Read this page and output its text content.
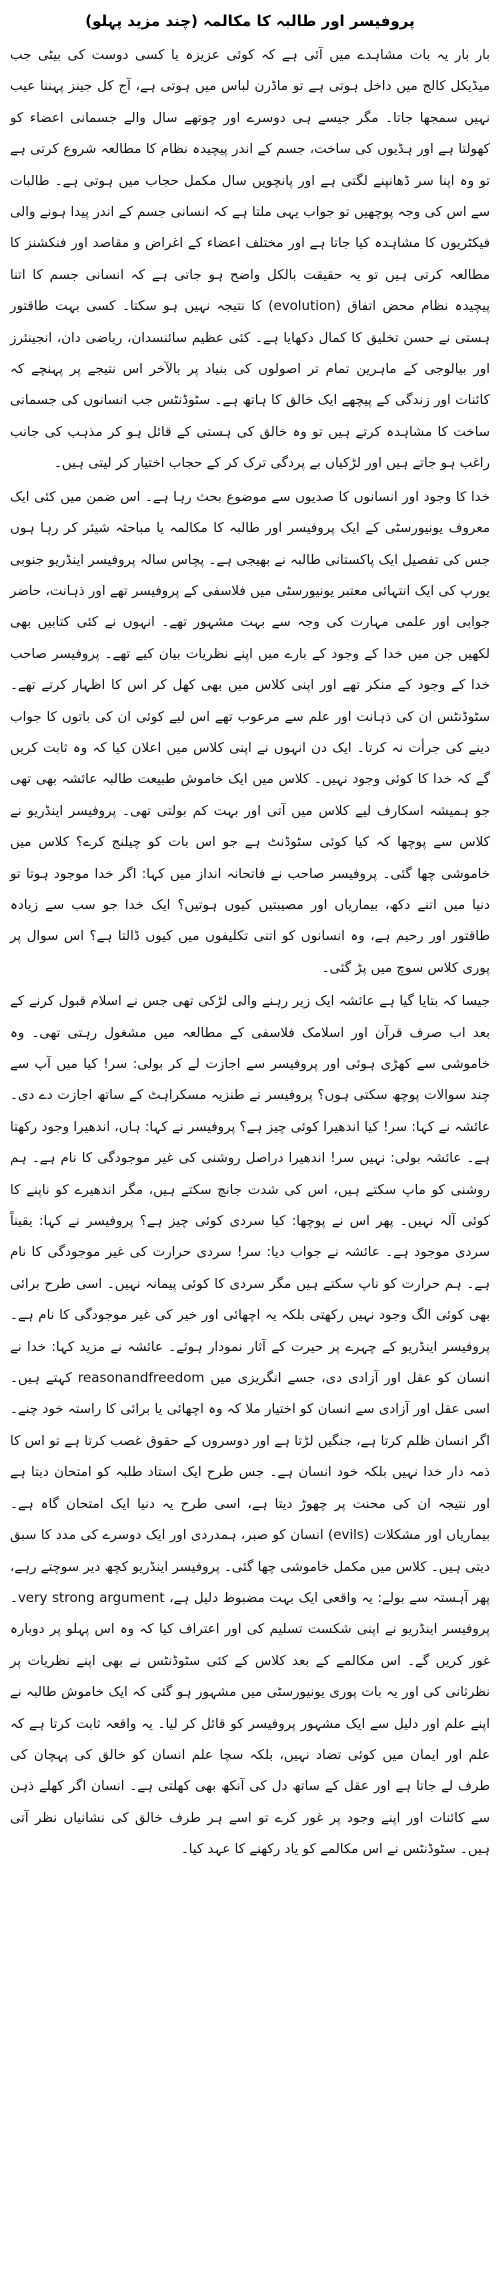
پروفیسر اور طالبہ کا مکالمہ (چند مزید پہلو)

بار بار یہ بات مشاہدے میں آئی ہے کہ کوئی عزیزہ یا کسی دوست کی بیٹی جب میڈیکل کالج میں داخل ہوتی ہے تو ماڈرن لباس میں ہوتی ہے، آج کل جینز پہننا عیب نہیں سمجھا جاتا۔ مگر جیسے ہی دوسرے اور چوتھے سال والے جسمانی اعضاء کو کھولتا ہے اور ہڈیوں کی ساخت، جسم کے اندر پیچیدہ نظام کا مطالعہ شروع کرتی ہے تو وہ اپنا سر ڈھانپنے لگتی ہے اور پانچویں سال مکمل حجاب میں ہوتی ہے۔ طالبات سے اس کی وجہ پوچھیں تو جواب یہی ملتا ہے کہ انسانی جسم کے اندر پیدا ہونے والی فیکٹریوں کا مشاہدہ کیا جاتا ہے اور مختلف اعضاء کے اغراض و مقاصد اور فنکشنز کا مطالعہ کرتی ہیں تو یہ حقیقت بالکل واضح ہو جاتی ہے کہ انسانی جسم کا اتنا پیچیدہ نظام محض اتفاق (evolution) کا نتیجہ نہیں ہو سکتا۔ کسی بہت طاقتور ہستی نے حسن تخلیق کا کمال دکھایا ہے۔ کئی عظیم سائنسدان، ریاضی دان، انجینئرز اور بیالوجی کے ماہرین تمام تر اصولوں کی بنیاد پر بالآخر اس نتیجے پر پہنچے کہ کائنات اور زندگی کے پیچھے ایک خالق کا ہاتھ ہے۔ سٹوڈنٹس جب انسانوں کی جسمانی ساخت کا مشاہدہ کرتے ہیں تو وہ خالق کی ہستی کے قائل ہو کر مذہب کی جانب راغب ہو جاتے ہیں اور لڑکیاں بے پردگی ترک کر کے حجاب اختیار کر لیتی ہیں۔

خدا کا وجود اور انسانوں کا صدیوں سے موضوع بحث رہا ہے۔ اس ضمن میں کئی ایک معروف یونیورسٹی کے ایک پروفیسر اور طالبہ کا مکالمہ یا مباحثہ شیئر کر رہا ہوں جس کی تفصیل ایک پاکستانی طالبہ نے بھیجی ہے۔ پچاس سالہ پروفیسر اینڈریو جنوبی یورپ کی ایک انتہائی معتبر یونیورسٹی میں فلاسفی کے پروفیسر تھے اور ذہانت، حاضر جوابی اور علمی مہارت کی وجہ سے بہت مشہور تھے۔ انہوں نے کئی کتابیں بھی لکھیں جن میں خدا کے وجود کے بارے میں اپنے نظریات بیان کیے تھے۔ پروفیسر صاحب خدا کے وجود کے منکر تھے اور اپنی کلاس میں بھی کھل کر اس کا اظہار کرتے تھے۔ سٹوڈنٹس ان کی ذہانت اور علم سے مرعوب تھے اس لیے کوئی ان کی باتوں کا جواب دینے کی جرأت نہ کرتا۔ ایک دن انہوں نے اپنی کلاس میں اعلان کیا کہ وہ ثابت کریں گے کہ خدا کا کوئی وجود نہیں۔ کلاس میں ایک خاموش طبیعت طالبہ عائشہ بھی تھی جو ہمیشہ اسکارف لیے کلاس میں آتی اور بہت کم بولتی تھی۔ پروفیسر اینڈریو نے کلاس سے پوچھا کہ کیا کوئی سٹوڈنٹ ہے جو اس بات کو چیلنج کرے؟ کلاس میں خاموشی چھا گئی۔ پروفیسر صاحب نے فاتحانہ انداز میں کہا: اگر خدا موجود ہوتا تو دنیا میں اتنے دکھ، بیماریاں اور مصیبتیں کیوں ہوتیں؟ ایک خدا جو سب سے زیادہ طاقتور اور رحیم ہے، وہ انسانوں کو اتنی تکلیفوں میں کیوں ڈالتا ہے؟ اس سوال پر پوری کلاس سوچ میں پڑ گئی۔

جیسا کہ بتایا گیا ہے عائشہ ایک زیر رہنے والی لڑکی تھی جس نے اسلام قبول کرنے کے بعد اب صرف قرآن اور اسلامک فلاسفی کے مطالعہ میں مشغول رہتی تھی۔ وہ خاموشی سے کھڑی ہوئی اور پروفیسر سے اجازت لے کر بولی: سر! کیا میں آپ سے چند سوالات پوچھ سکتی ہوں؟ پروفیسر نے طنزیہ مسکراہٹ کے ساتھ اجازت دے دی۔ عائشہ نے کہا: سر! کیا اندھیرا کوئی چیز ہے؟ پروفیسر نے کہا: ہاں، اندھیرا وجود رکھتا ہے۔ عائشہ بولی: نہیں سر! اندھیرا دراصل روشنی کی غیر موجودگی کا نام ہے۔ ہم روشنی کو ماپ سکتے ہیں، اس کی شدت جانچ سکتے ہیں، مگر اندھیرے کو ناپنے کا کوئی آلہ نہیں۔ پھر اس نے پوچھا: کیا سردی کوئی چیز ہے؟ پروفیسر نے کہا: یقیناً سردی موجود ہے۔ عائشہ نے جواب دیا: سر! سردی حرارت کی غیر موجودگی کا نام ہے۔ ہم حرارت کو ناپ سکتے ہیں مگر سردی کا کوئی پیمانہ نہیں۔ اسی طرح برائی بھی کوئی الگ وجود نہیں رکھتی بلکہ یہ اچھائی اور خیر کی غیر موجودگی کا نام ہے۔ پروفیسر اینڈریو کے چہرے پر حیرت کے آثار نمودار ہوئے۔ عائشہ نے مزید کہا: خدا نے انسان کو عقل اور آزادی دی، جسے انگریزی میں reasonandfreedom کہتے ہیں۔ اسی عقل اور آزادی سے انسان کو اختیار ملا کہ وہ اچھائی یا برائی کا راستہ خود چنے۔ اگر انسان ظلم کرتا ہے، جنگیں لڑتا ہے اور دوسروں کے حقوق غصب کرتا ہے تو اس کا ذمہ دار خدا نہیں بلکہ خود انسان ہے۔ جس طرح ایک استاد طلبہ کو امتحان دیتا ہے اور نتیجہ ان کی محنت پر چھوڑ دیتا ہے، اسی طرح یہ دنیا ایک امتحان گاہ ہے۔ بیماریاں اور مشکلات (evils) انسان کو صبر، ہمدردی اور ایک دوسرے کی مدد کا سبق دیتی ہیں۔ کلاس میں مکمل خاموشی چھا گئی۔ پروفیسر اینڈریو کچھ دیر سوچتے رہے، پھر آہستہ سے بولے: یہ واقعی ایک بہت مضبوط دلیل ہے، very strong argument۔ پروفیسر اینڈریو نے اپنی شکست تسلیم کی اور اعتراف کیا کہ وہ اس پہلو پر دوبارہ غور کریں گے۔ اس مکالمے کے بعد کلاس کے کئی سٹوڈنٹس نے بھی اپنے نظریات پر نظرثانی کی اور یہ بات پوری یونیورسٹی میں مشہور ہو گئی کہ ایک خاموش طالبہ نے اپنے علم اور دلیل سے ایک مشہور پروفیسر کو قائل کر لیا۔ یہ واقعہ ثابت کرتا ہے کہ علم اور ایمان میں کوئی تضاد نہیں، بلکہ سچا علم انسان کو خالق کی پہچان کی طرف لے جاتا ہے اور عقل کے ساتھ دل کی آنکھ بھی کھلتی ہے۔ انسان اگر کھلے ذہن سے کائنات اور اپنے وجود پر غور کرے تو اسے ہر طرف خالق کی نشانیاں نظر آتی ہیں۔ سٹوڈنٹس نے اس مکالمے کو یاد رکھنے کا عہد کیا۔
